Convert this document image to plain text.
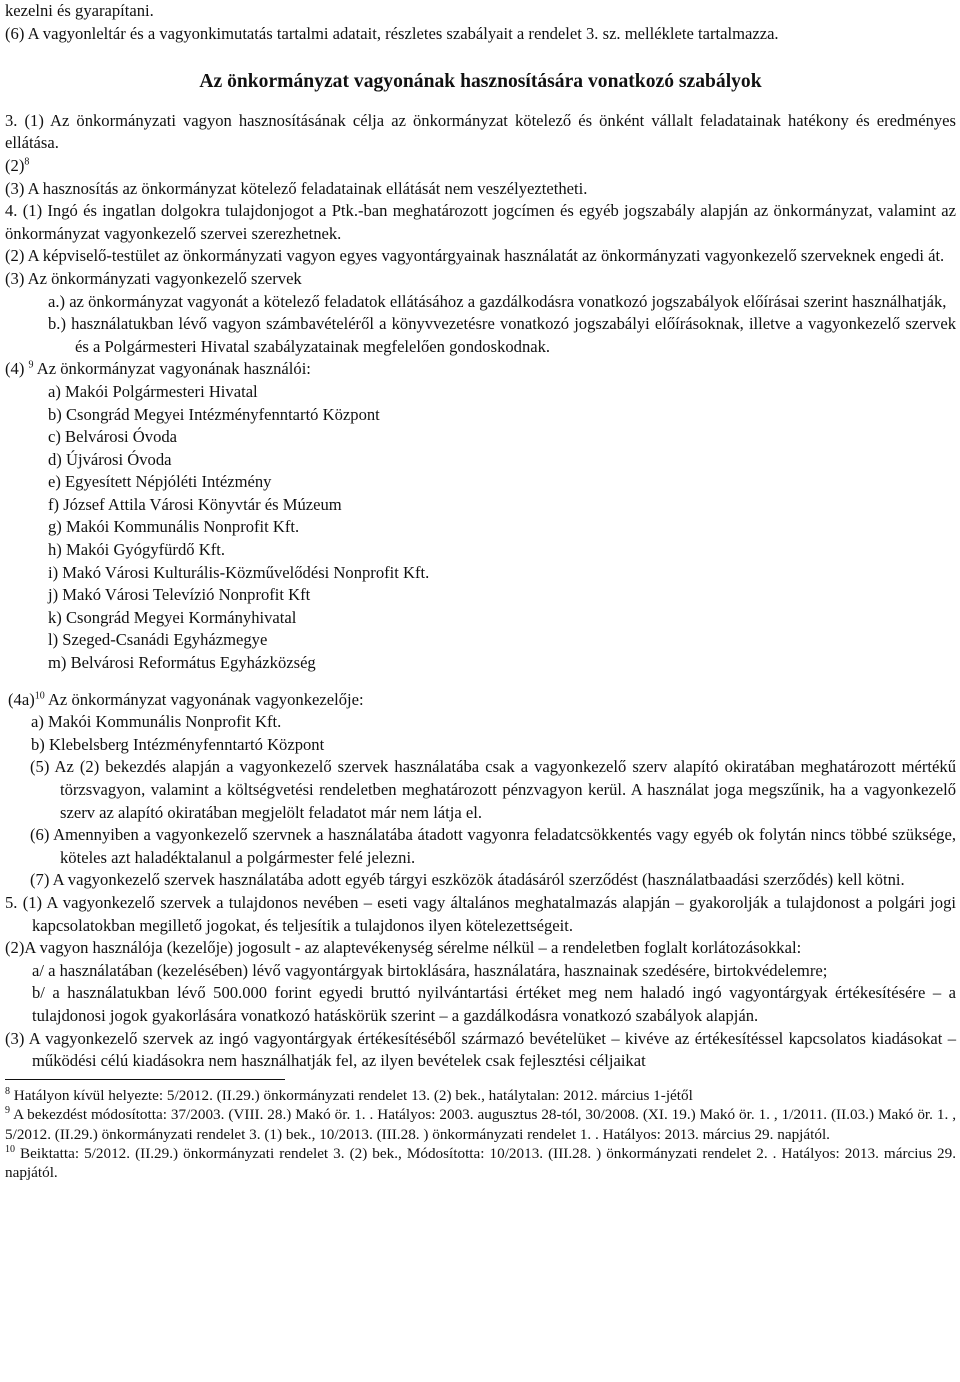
kezelni és gyarapítani.

(6) A vagyonleltár és a vagyonkimutatás tartalmi adatait, részletes szabályait a rendelet 3. sz. melléklete tartalmazza.

Az önkormányzat vagyonának hasznosítására vonatkozó szabályok

3. (1) Az önkormányzati vagyon hasznosításának célja az önkormányzat kötelező és önként vállalt feladatainak hatékony és eredményes ellátása.

$(2)^8$

(3) A hasznosítás az önkormányzat kötelező feladatainak ellátását nem veszélyeztetheti.

4. (1) Ingó és ingatlan dolgokra tulajdonjogot a Ptk.-ban meghatározott jogcímen és egyéb jogszabály alapján az önkormányzat, valamint az önkormányzat vagyonkezelő szervei szerezhetnek.

(2) A képviselő-testület az önkormányzati vagyon egyes vagyontárgyainak használatát az önkormányzati vagyonkezelő szerveknek engedi át.

(3) Az önkormányzati vagyonkezelő szervek

a.) az önkormányzat vagyonát a kötelező feladatok ellátásához a gazdálkodásra vonatkozó jogszabályok előírásai szerint használhatják,

b.) használatukban lévő vagyon számbavételéről a könyvvezetésre vonatkozó jogszabályi előírásoknak, illetve a vagyonkezelő szervek és a Polgármesteri Hivatal szabályzatainak megfelelően gondoskodnak.

(4) $^9$ Az önkormányzat vagyonának használói:

a) Makói Polgármesteri Hivatal

b) Csongrád Megyei Intézményfenntartó Központ

c) Belvárosi Óvoda

d) Újvárosi Óvoda

e) Egyesített Népjóléti Intézmény

f) József Attila Városi Könyvtár és Múzeum

g) Makói Kommunális Nonprofit Kft.

h) Makói Gyógyfürdő Kft.

i) Makó Városi Kulturális-Közművelődési Nonprofit Kft.

j) Makó Városi Televízió Nonprofit Kft

k) Csongrád Megyei Kormányhivatal

l) Szeged-Csanádi Egyházmegye

m) Belvárosi Református Egyházközség

$(4a)^{10}$ Az önkormányzat vagyonának vagyonkezelője:

a) Makói Kommunális Nonprofit Kft.

b) Klebelsberg Intézményfenntartó Központ

(5) Az (2) bekezdés alapján a vagyonkezelő szervek használatába csak a vagyonkezelő szerv alapító okiratában meghatározott mértékű törzsvagyon, valamint a költségvetési rendeletben meghatározott pénzvagyon kerül. A használat joga megszűnik, ha a vagyonkezelő szerv az alapító okiratában megjelölt feladatot már nem látja el.

(6) Amennyiben a vagyonkezelő szervnek a használatába átadott vagyonra feladatcsökkentés vagy egyéb ok folytán nincs többé szüksége, köteles azt haladéktalanul a polgármester felé jelezni.

(7) A vagyonkezelő szervek használatába adott egyéb tárgyi eszközök átadásáról szerződést (használatbaadási szerződés) kell kötni.

5. (1) A vagyonkezelő szervek a tulajdonos nevében – eseti vagy általános meghatalmazás alapján – gyakorolják a tulajdonost a polgári jogi kapcsolatokban megillető jogokat, és teljesítik a tulajdonos ilyen kötelezettségeit.

(2)A vagyon használója (kezelője) jogosult - az alaptevékenység sérelme nélkül – a rendeletben foglalt korlátozásokkal:

a/ a használatában (kezelésében) lévő vagyontárgyak birtoklására, használatára, hasznainak szedésére, birtokvédelemre;

b/ a használatukban lévő 500.000 forint egyedi bruttó nyilvántartási értéket meg nem haladó ingó vagyontárgyak értékesítésére – a tulajdonosi jogok gyakorlására vonatkozó hatáskörük szerint – a gazdálkodásra vonatkozó szabályok alapján.

(3) A vagyonkezelő szervek az ingó vagyontárgyak értékesítéséből származó bevételüket – kivéve az értékesítéssel kapcsolatos kiadásokat – működési célú kiadásokra nem használhatják fel, az ilyen bevételek csak fejlesztési céljaikat

$^8$ Hatályon kívül helyezte: 5/2012. (II.29.) önkormányzati rendelet 13. (2) bek., hatálytalan: 2012. március 1-jétől

$^9$ A bekezdést módosította: 37/2003. (VIII. 28.) Makó ör. 1. . Hatályos: 2003. augusztus 28-tól, 30/2008. (XI. 19.) Makó ör. 1. , 1/2011. (II.03.) Makó ör. 1. , 5/2012. (II.29.) önkormányzati rendelet 3. (1) bek., 10/2013. (III.28. ) önkormányzati rendelet 1. . Hatályos: 2013. március 29. napjától.

$^{10}$ Beiktatta: 5/2012. (II.29.) önkormányzati rendelet 3. (2) bek., Módosította: 10/2013. (III.28. ) önkormányzati rendelet 2. . Hatályos: 2013. március 29. napjától.
